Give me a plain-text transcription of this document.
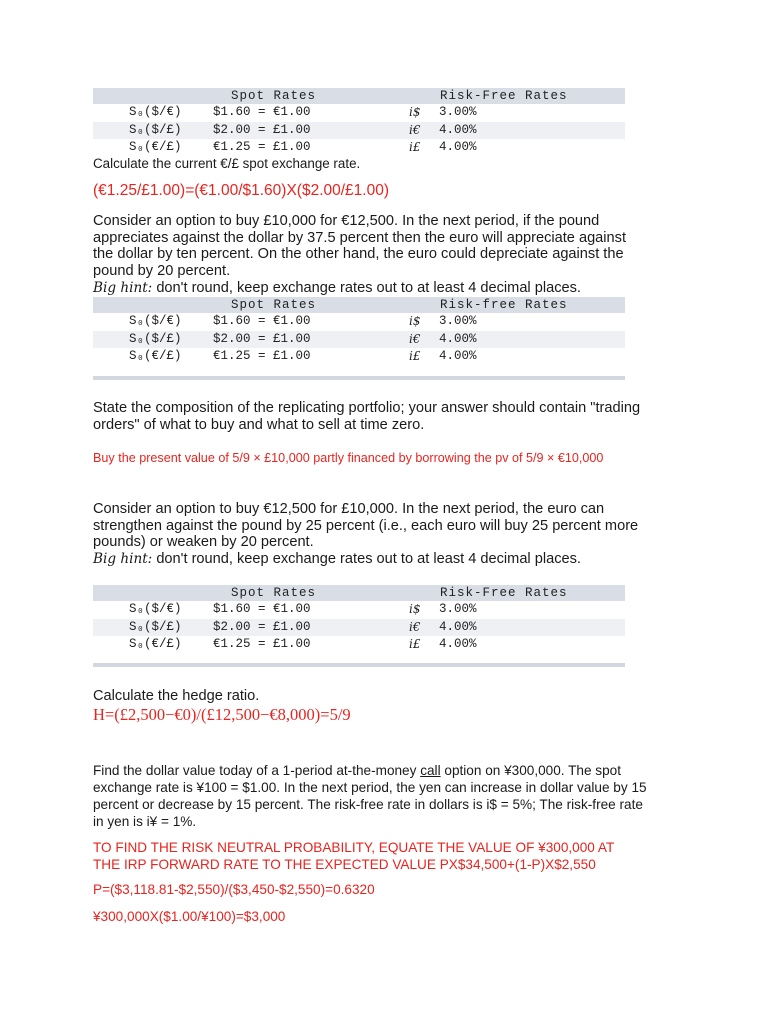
Spot Rates	Risk-Free Rates
S₀($/€)	$1.60 = €1.00	i$ 3.00%
S₀($/£)	$2.00 = £1.00	i€ 4.00%
S₀(€/£)	€1.25 = £1.00	i£ 4.00%
Calculate the current €/£ spot exchange rate.
(€1.25/£1.00)=(€1.00/$1.60)X($2.00/£1.00)
Consider an option to buy £10,000 for €12,500. In the next period, if the pound
appreciates against the dollar by 37.5 percent then the euro will appreciate against
the dollar by ten percent. On the other hand, the euro could depreciate against the
pound by 20 percent.
Big hint: don't round, keep exchange rates out to at least 4 decimal places.
Spot Rates	Risk-free Rates
S₀($/€)	$1.60 = €1.00	i$ 3.00%
S₀($/£)	$2.00 = £1.00	i€ 4.00%
S₀(€/£)	€1.25 = £1.00	i£ 4.00%
State the composition of the replicating portfolio; your answer should contain "trading
orders" of what to buy and what to sell at time zero.
Buy the present value of 5/9 × £10,000 partly financed by borrowing the pv of 5/9 × €10,000
Consider an option to buy €12,500 for £10,000. In the next period, the euro can
strengthen against the pound by 25 percent (i.e., each euro will buy 25 percent more
pounds) or weaken by 20 percent.
Big hint: don't round, keep exchange rates out to at least 4 decimal places.
Spot Rates	Risk-Free Rates
S₀($/€)	$1.60 = €1.00	i$ 3.00%
S₀($/£)	$2.00 = £1.00	i€ 4.00%
S₀(€/£)	€1.25 = £1.00	i£ 4.00%
Calculate the hedge ratio.
H=(£2,500−€0)/(£12,500−€8,000)=5/9
Find the dollar value today of a 1-period at-the-money call option on ¥300,000. The spot
exchange rate is ¥100 = $1.00. In the next period, the yen can increase in dollar value by 15
percent or decrease by 15 percent. The risk-free rate in dollars is i$ = 5%; The risk-free rate
in yen is i¥ = 1%.
TO FIND THE RISK NEUTRAL PROBABILITY, EQUATE THE VALUE OF ¥300,000 AT
THE IRP FORWARD RATE TO THE EXPECTED VALUE PX$34,500+(1-P)X$2,550
P=($3,118.81-$2,550)/($3,450-$2,550)=0.6320
¥300,000X($1.00/¥100)=$3,000
